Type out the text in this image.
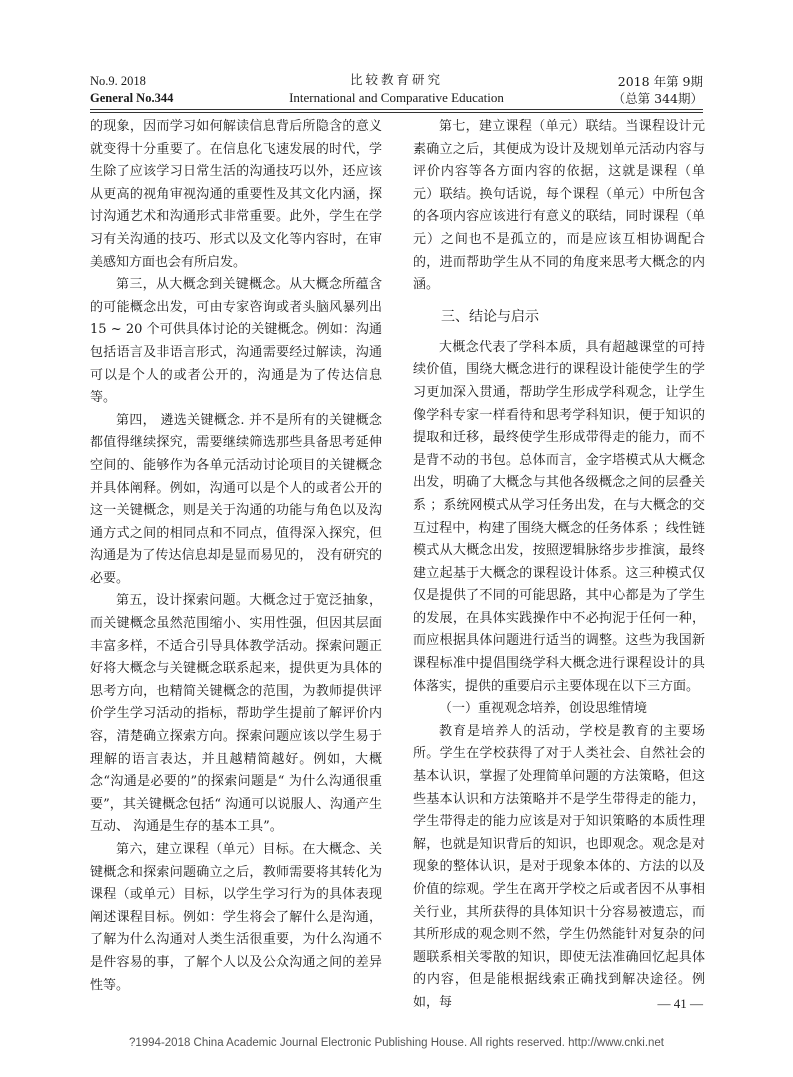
No.9. 2018
General No.344
比较教育研究
International and Comparative Education
2018 年第 9期
（总第 344期）

的现象，因而学习如何解读信息背后所隐含的意义就变得十分重要了。在信息化飞速发展的时代，学生除了应该学习日常生活的沟通技巧以外，还应该从更高的视角审视沟通的重要性及其文化内涵，探讨沟通艺术和沟通形式非常重要。此外，学生在学习有关沟通的技巧、形式以及文化等内容时，在审美感知方面也会有所启发。

第三，从大概念到关键概念。从大概念所蕴含的可能概念出发，可由专家咨询或者头脑风暴列出 15 ~ 20 个可供具体讨论的关键概念。例如：沟通包括语言及非语言形式，沟通需要经过解读，沟通可以是个人的或者公开的，沟通是为了传达信息等。

第四， 遴选关键概念. 并不是所有的关键概念都值得继续探究，需要继续筛选那些具备思考延伸空间的、能够作为各单元活动讨论项目的关键概念并具体阐释。例如，沟通可以是个人的或者公开的这一关键概念，则是关于沟通的功能与角色以及沟通方式之间的相同点和不同点，值得深入探究，但沟通是为了传达信息却是显而易见的， 没有研究的必要。

第五，设计探索问题。大概念过于宽泛抽象，而关键概念虽然范围缩小、实用性强，但因其层面丰富多样，不适合引导具体教学活动。探索问题正好将大概念与关键概念联系起来，提供更为具体的思考方向，也精简关键概念的范围，为教师提供评价学生学习活动的指标，帮助学生提前了解评价内容，清楚确立探索方向。探索问题应该以学生易于理解的语言表达，并且越精简越好。例如，大概念“沟通是必要的”的探索问题是“ 为什么沟通很重要”，其关键概念包括“ 沟通可以说服人、沟通产生互动、 沟通是生存的基本工具”。

第六，建立课程（单元）目标。在大概念、关键概念和探索问题确立之后，教师需要将其转化为课程（或单元）目标，以学生学习行为的具体表现阐述课程目标。例如：学生将会了解什么是沟通，了解为什么沟通对人类生活很重要，为什么沟通不是件容易的事，了解个人以及公众沟通之间的差异性等。

第七，建立课程（单元）联结。当课程设计元素确立之后，其便成为设计及规划单元活动内容与评价内容等各方面内容的依据，这就是课程（单元）联结。换句话说，每个课程（单元）中所包含的各项内容应该进行有意义的联结，同时课程（单元）之间也不是孤立的，而是应该互相协调配合的，进而帮助学生从不同的角度来思考大概念的内涵。

三、结论与启示

大概念代表了学科本质，具有超越课堂的可持续价值，围绕大概念进行的课程设计能使学生的学习更加深入贯通，帮助学生形成学科观念，让学生像学科专家一样看待和思考学科知识，便于知识的提取和迁移，最终使学生形成带得走的能力，而不是背不动的书包。总体而言，金字塔模式从大概念出发，明确了大概念与其他各级概念之间的层叠关系 ；系统网模式从学习任务出发，在与大概念的交互过程中，构建了围绕大概念的任务体系 ；线性链模式从大概念出发，按照逻辑脉络步步推演，最终建立起基于大概念的课程设计体系。这三种模式仅仅是提供了不同的可能思路，其中心都是为了学生的发展，在具体实践操作中不必拘泥于任何一种，而应根据具体问题进行适当的调整。这些为我国新课程标准中提倡围绕学科大概念进行课程设计的具体落实，提供的重要启示主要体现在以下三方面。

（一）重视观念培养，创设思维情境

教育是培养人的活动，学校是教育的主要场所。学生在学校获得了对于人类社会、自然社会的基本认识，掌握了处理简单问题的方法策略，但这些基本认识和方法策略并不是学生带得走的能力，学生带得走的能力应该是对于知识策略的本质性理解，也就是知识背后的知识，也即观念。观念是对现象的整体认识，是对于现象本体的、方法的以及价值的综观。学生在离开学校之后或者因不从事相关行业，其所获得的具体知识十分容易被遗忘，而其所形成的观念则不然，学生仍然能针对复杂的问题联系相关零散的知识，即使无法准确回忆起具体的内容，但是能根据线索正确找到解决途径。例如，每	— 41 —
?1994-2018 China Academic Journal Electronic Publishing House. All rights reserved. http://www.cnki.net
